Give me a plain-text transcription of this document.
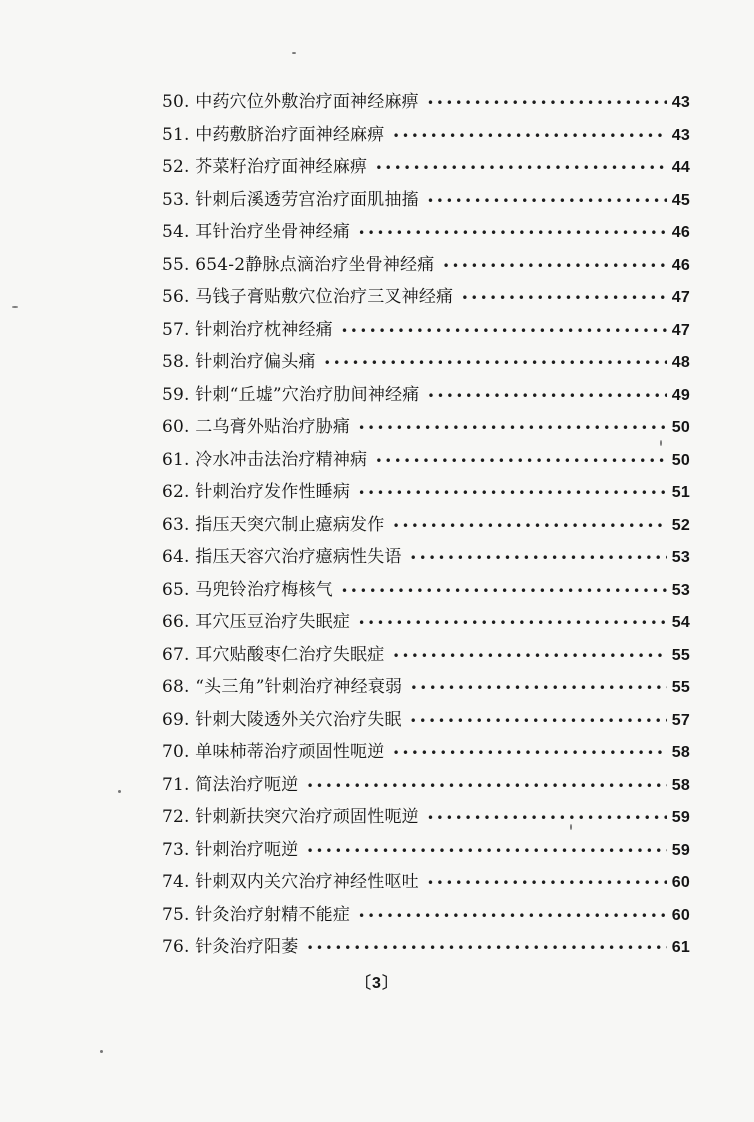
50. 中药穴位外敷治疗面神经麻痹 •••••	43
51. 中药敷脐治疗面神经麻痹 •••••	43
52. 芥菜籽治疗面神经麻痹 •••••	44
53. 针刺后溪透劳宫治疗面肌抽搐 •••••	45
54. 耳针治疗坐骨神经痛 •••••	46
55. 654-2静脉点滴治疗坐骨神经痛 •••••	46
56. 马钱子膏贴敷穴位治疗三叉神经痛 •••••	47
57. 针刺治疗枕神经痛 •••••	47
58. 针刺治疗偏头痛 •••••	48
59. 针刺“丘墟”穴治疗肋间神经痛 •••••	49
60. 二乌膏外贴治疗胁痛 •••••	50
61. 冷水冲击法治疗精神病 •••••	50
62. 针刺治疗发作性睡病 •••••	51
63. 指压天突穴制止癔病发作 •••••	52
64. 指压天容穴治疗癔病性失语 •••••	53
65. 马兜铃治疗梅核气 •••••	53
66. 耳穴压豆治疗失眠症 •••••	54
67. 耳穴贴酸枣仁治疗失眠症 •••••	55
68. “头三角”针刺治疗神经衰弱 •••••	55
69. 针刺大陵透外关穴治疗失眠 •••••	57
70. 单味柿蒂治疗顽固性呃逆 •••••	58
71. 简法治疗呃逆 •••••	58
72. 针刺新扶突穴治疗顽固性呃逆 •••••	59
73. 针刺治疗呃逆 •••••	59
74. 针刺双内关穴治疗神经性呕吐 •••••	60
75. 针灸治疗射精不能症 •••••	60
76. 针灸治疗阳萎 •••••	61
〔3〕
